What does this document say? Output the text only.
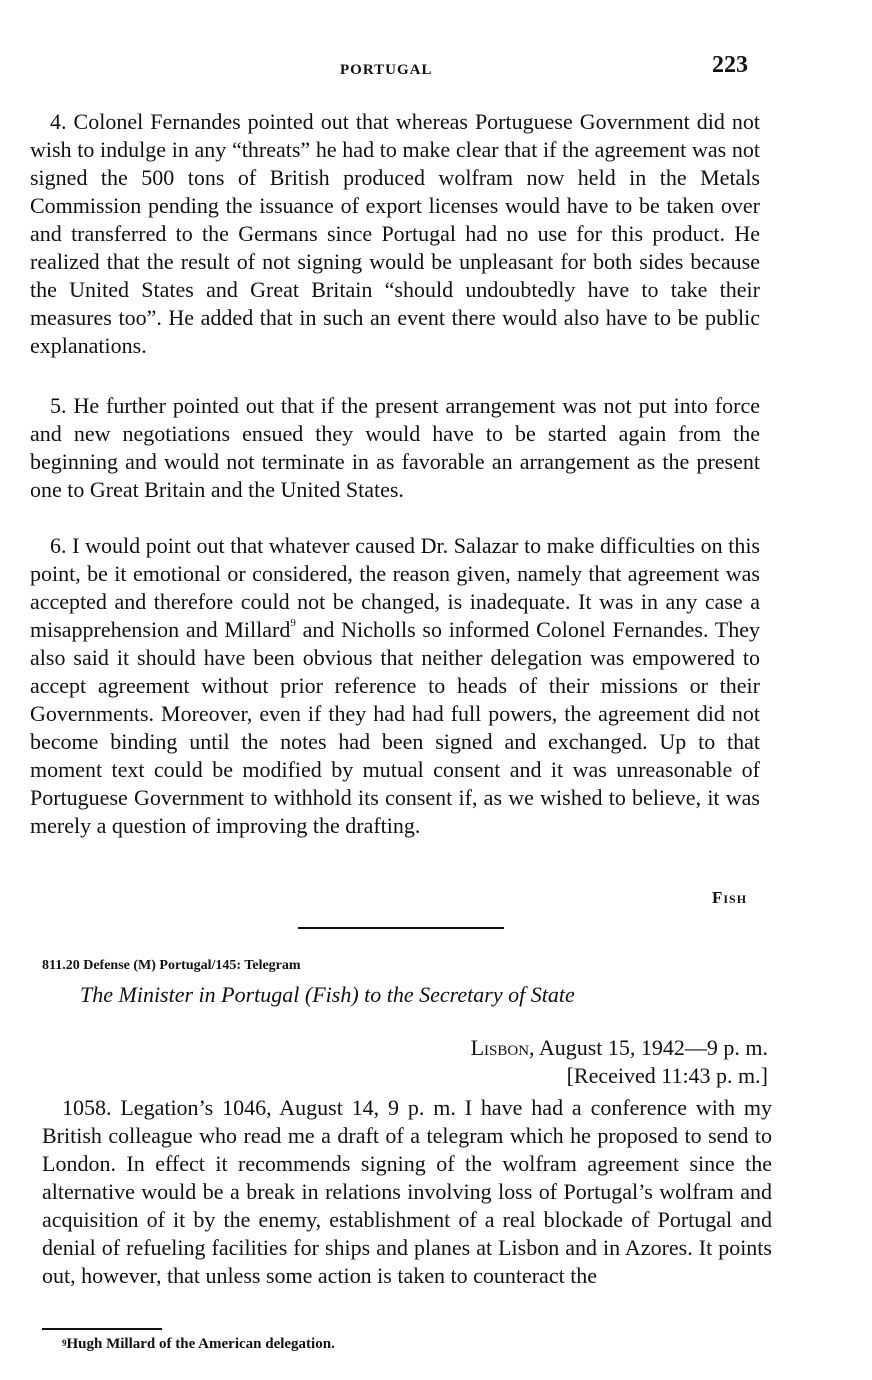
PORTUGAL	223

4. Colonel Fernandes pointed out that whereas Portuguese Government did not wish to indulge in any “threats” he had to make clear that if the agreement was not signed the 500 tons of British produced wolfram now held in the Metals Commission pending the issuance of export licenses would have to be taken over and transferred to the Germans since Portugal had no use for this product. He realized that the result of not signing would be unpleasant for both sides because the United States and Great Britain “should undoubtedly have to take their measures too”. He added that in such an event there would also have to be public explanations.

5. He further pointed out that if the present arrangement was not put into force and new negotiations ensued they would have to be started again from the beginning and would not terminate in as favorable an arrangement as the present one to Great Britain and the United States.

6. I would point out that whatever caused Dr. Salazar to make difficulties on this point, be it emotional or considered, the reason given, namely that agreement was accepted and therefore could not be changed, is inadequate. It was in any case a misapprehension and Millard$^9$ and Nicholls so informed Colonel Fernandes. They also said it should have been obvious that neither delegation was empowered to accept agreement without prior reference to heads of their missions or their Governments. Moreover, even if they had had full powers, the agreement did not become binding until the notes had been signed and exchanged. Up to that moment text could be modified by mutual consent and it was unreasonable of Portuguese Government to withhold its consent if, as we wished to believe, it was merely a question of improving the drafting.

Fish
811.20 Defense (M) Portugal/145: Telegram
The Minister in Portugal (Fish) to the Secretary of State
Lisbon, August 15, 1942—9 p. m.
[Received 11:43 p. m.]

1058. Legation’s 1046, August 14, 9 p. m. I have had a conference with my British colleague who read me a draft of a telegram which he proposed to send to London. In effect it recommends signing of the wolfram agreement since the alternative would be a break in relations involving loss of Portugal’s wolfram and acquisition of it by the enemy, establishment of a real blockade of Portugal and denial of refueling facilities for ships and planes at Lisbon and in Azores. It points out, however, that unless some action is taken to counteract the

$^9$Hugh Millard of the American delegation.
